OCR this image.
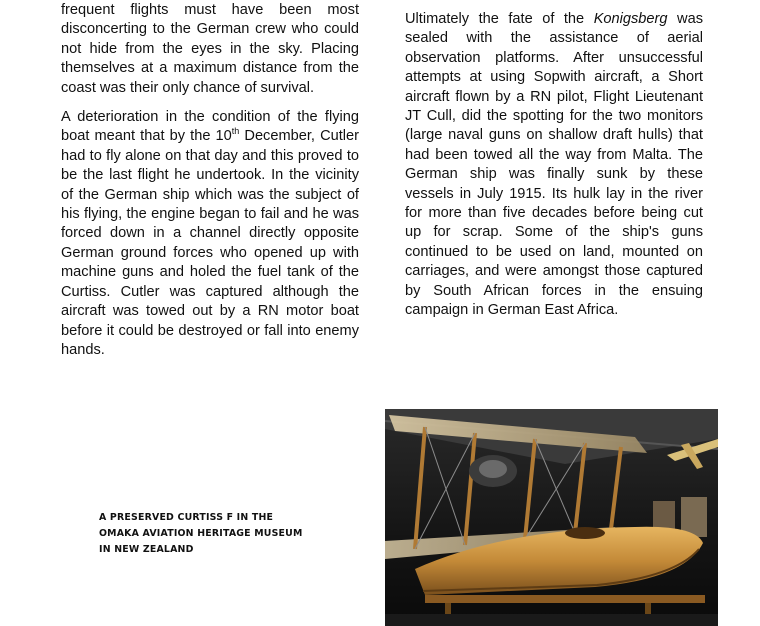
frequent flights must have been most disconcerting to the German crew who could not hide from the eyes in the sky. Placing themselves at a maximum distance from the coast was their only chance of survival.

A deterioration in the condition of the flying boat meant that by the 10th December, Cutler had to fly alone on that day and this proved to be the last flight he undertook. In the vicinity of the German ship which was the subject of his flying, the engine began to fail and he was forced down in a channel directly opposite German ground forces who opened up with machine guns and holed the fuel tank of the Curtiss. Cutler was captured although the aircraft was towed out by a RN motor boat before it could be destroyed or fall into enemy hands.

Ultimately the fate of the Konigsberg was sealed with the assistance of aerial observation platforms. After unsuccessful attempts at using Sopwith aircraft, a Short aircraft flown by a RN pilot, Flight Lieutenant JT Cull, did the spotting for the two monitors (large naval guns on shallow draft hulls) that had been towed all the way from Malta. The German ship was finally sunk by these vessels in July 1915. Its hulk lay in the river for more than five decades before being cut up for scrap. Some of the ship's guns continued to be used on land, mounted on carriages, and were amongst those captured by South African forces in the ensuing campaign in German East Africa.

A PRESERVED CURTISS F IN THE
OMAKA AVIATION HERITAGE MUSEUM
IN NEW ZEALAND
